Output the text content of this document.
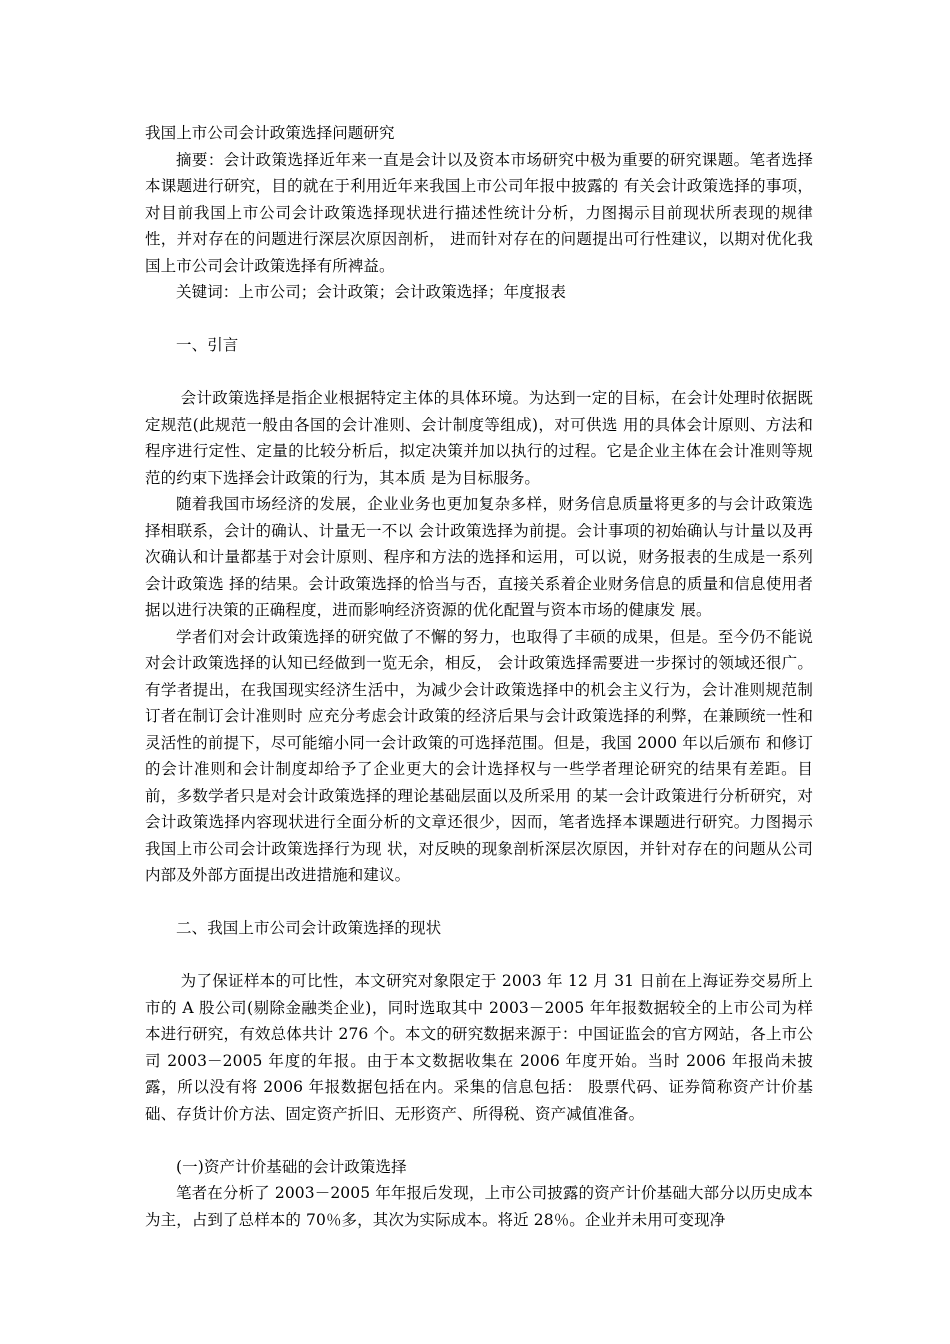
我国上市公司会计政策选择问题研究

摘要：会计政策选择近年来一直是会计以及资本市场研究中极为重要的研究课题。笔者选择本课题进行研究，目的就在于利用近年来我国上市公司年报中披露的 有关会计政策选择的事项，对目前我国上市公司会计政策选择现状进行描述性统计分析，力图揭示目前现状所表现的规律性，并对存在的问题进行深层次原因剖析， 进而针对存在的问题提出可行性建议，以期对优化我国上市公司会计政策选择有所裨益。

关键词：上市公司；会计政策；会计政策选择；年度报表

一、引言

会计政策选择是指企业根据特定主体的具体环境。为达到一定的目标，在会计处理时依据既定规范(此规范一般由各国的会计准则、会计制度等组成)，对可供选 用的具体会计原则、方法和程序进行定性、定量的比较分析后，拟定决策并加以执行的过程。它是企业主体在会计准则等规范的约束下选择会计政策的行为，其本质 是为目标服务。

随着我国市场经济的发展，企业业务也更加复杂多样，财务信息质量将更多的与会计政策选择相联系，会计的确认、计量无一不以 会计政策选择为前提。会计事项的初始确认与计量以及再次确认和计量都基于对会计原则、程序和方法的选择和运用，可以说，财务报表的生成是一系列会计政策选 择的结果。会计政策选择的恰当与否，直接关系着企业财务信息的质量和信息使用者据以进行决策的正确程度，进而影响经济资源的优化配置与资本市场的健康发 展。

学者们对会计政策选择的研究做了不懈的努力，也取得了丰硕的成果，但是。至今仍不能说对会计政策选择的认知已经做到一览无余，相反， 会计政策选择需要进一步探讨的领域还很广。有学者提出，在我国现实经济生活中，为减少会计政策选择中的机会主义行为，会计准则规范制订者在制订会计准则时 应充分考虑会计政策的经济后果与会计政策选择的利弊，在兼顾统一性和灵活性的前提下，尽可能缩小同一会计政策的可选择范围。但是，我国 2000 年以后颁布 和修订的会计准则和会计制度却给予了企业更大的会计选择权与一些学者理论研究的结果有差距。目前，多数学者只是对会计政策选择的理论基础层面以及所采用 的某一会计政策进行分析研究，对会计政策选择内容现状进行全面分析的文章还很少，因而，笔者选择本课题进行研究。力图揭示我国上市公司会计政策选择行为现 状，对反映的现象剖析深层次原因，并针对存在的问题从公司内部及外部方面提出改进措施和建议。

二、我国上市公司会计政策选择的现状

为了保证样本的可比性，本文研究对象限定于 2003 年 12 月 31 日前在上海证券交易所上市的 A 股公司(剔除金融类企业)，同时选取其中 2003－2005 年年报数据较全的上市公司为样本进行研究，有效总体共计 276 个。本文的研究数据来源于：中国证监会的官方网站，各上市公司 2003－2005 年度的年报。由于本文数据收集在 2006 年度开始。当时 2006 年报尚未披露，所以没有将 2006 年报数据包括在内。采集的信息包括： 股票代码、证券简称资产计价基础、存货计价方法、固定资产折旧、无形资产、所得税、资产减值准备。

(一)资产计价基础的会计政策选择

笔者在分析了 2003－2005 年年报后发现，上市公司披露的资产计价基础大部分以历史成本为主，占到了总样本的 70％多，其次为实际成本。将近 28％。企业并未用可变现净
